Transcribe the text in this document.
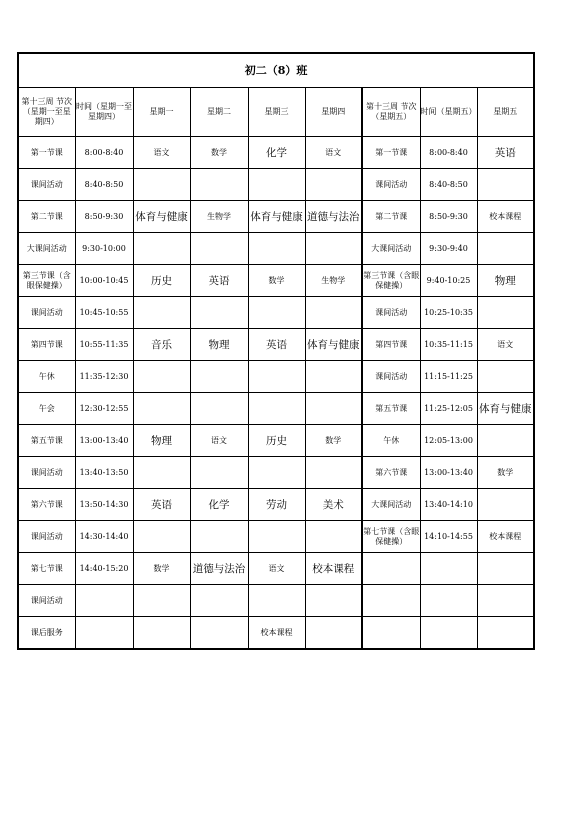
初二（8）班								
第十三周 节次（星期一至星期四）	时间（星期一至星期四）	星期一	星期二	星期三	星期四	第十三周 节次（星期五）	时间（星期五）	星期五
第一节课	8:00-8:40	语文	数学	化学	语文	第一节课	8:00-8:40	英语
课间活动	8:40-8:50					课间活动	8:40-8:50	
第二节课	8:50-9:30	体育与健康	生物学	体育与健康	道德与法治	第二节课	8:50-9:30	校本课程
大课间活动	9:30-10:00					大课间活动	9:30-9:40	
第三节课（含眼保健操）	10:00-10:45	历史	英语	数学	生物学	第三节课（含眼保健操）	9:40-10:25	物理
课间活动	10:45-10:55					课间活动	10:25-10:35	
第四节课	10:55-11:35	音乐	物理	英语	体育与健康	第四节课	10:35-11:15	语文
午休	11:35-12:30					课间活动	11:15-11:25	
午会	12:30-12:55					第五节课	11:25-12:05	体育与健康
第五节课	13:00-13:40	物理	语文	历史	数学	午休	12:05-13:00	
课间活动	13:40-13:50					第六节课	13:00-13:40	数学
第六节课	13:50-14:30	英语	化学	劳动	美术	大课间活动	13:40-14:10	
课间活动	14:30-14:40					第七节课（含眼保健操）	14:10-14:55	校本课程
第七节课	14:40-15:20	数学	道德与法治	语文	校本课程			
课间活动								
课后服务				校本课程				
